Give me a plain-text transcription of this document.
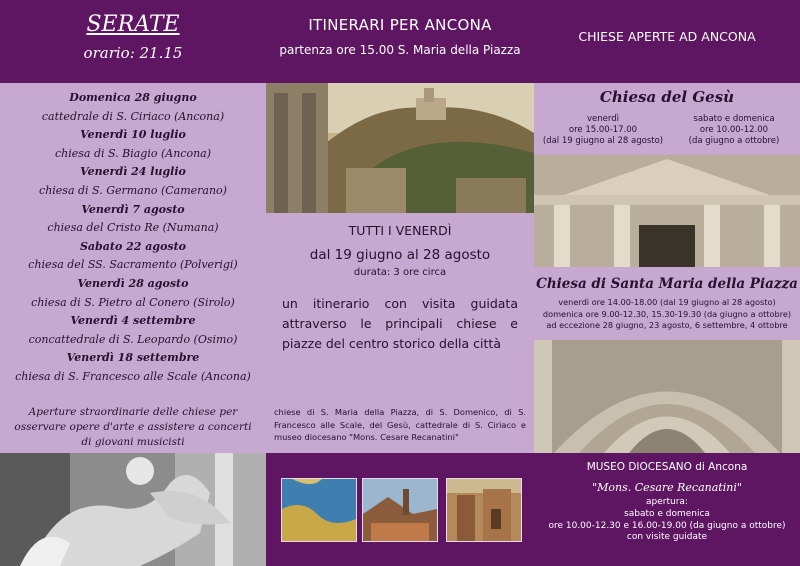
SERATE
orario: 21.15
Domenica 28 giugno
cattedrale di S. Ciriaco (Ancona)
Venerdì 10 luglio
chiesa di S. Biagio (Ancona)
Venerdì 24 luglio
chiesa di S. Germano (Camerano)
Venerdì 7 agosto
chiesa del Cristo Re (Numana)
Sabato 22 agosto
chiesa del SS. Sacramento (Polverigi)
Venerdì 28 agosto
chiesa di S. Pietro al Conero (Sirolo)
Venerdì 4 settembre
concattedrale di S. Leopardo (Osimo)
Venerdì 18 settembre
chiesa di S. Francesco alle Scale (Ancona)
Aperture straordinarie delle chiese per osservare opere d'arte e assistere a concerti di giovani musicisti
ITINERARI PER ANCONA
partenza ore 15.00 S. Maria della Piazza
TUTTI I VENERDÌ
dal 19 giugno al 28 agosto
durata: 3 ore circa
un itinerario con visita guidata attraverso le principali chiese e piazze del centro storico della città
chiese di S. Maria della Piazza, di S. Domenico, di S. Francesco alle Scale, del Gesù, cattedrale di S. Ciriaco e museo diocesano "Mons. Cesare Recanatini"
CHIESE APERTE AD ANCONA
Chiesa del Gesù
venerdì
ore 15.00-17.00
(dal 19 giugno al 28 agosto)
sabato e domenica
ore 10.00-12.00
(da giugno a ottobre)
Chiesa di Santa Maria della Piazza
venerdì ore 14.00-18.00 (dal 19 giugno al 28 agosto)
domenica ore 9.00-12.30, 15.30-19.30 (da giugno a ottobre)
ad eccezione 28 giugno, 23 agosto, 6 settembre, 4 ottobre
MUSEO DIOCESANO di Ancona
"Mons. Cesare Recanatini"
apertura:
sabato e domenica
ore 10.00-12.30 e 16.00-19.00 (da giugno a ottobre)
con visite guidate
